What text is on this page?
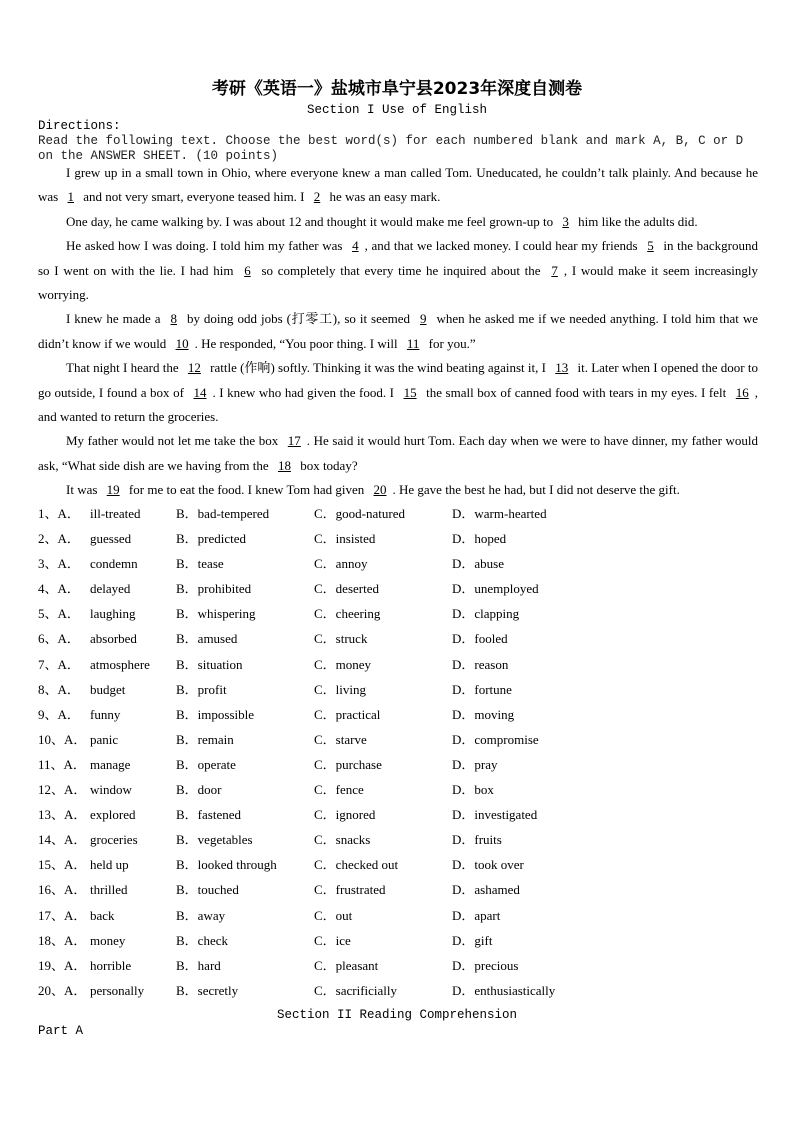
考研《英语一》盐城市阜宁县2023年深度自测卷
Section I Use of English
Directions:
Read the following text. Choose the best word(s) for each numbered blank and mark A, B, C or D on the ANSWER SHEET. (10 points)

I grew up in a small town in Ohio, where everyone knew a man called Tom. Uneducated, he couldn’t talk plainly. And because he was 1 and not very smart, everyone teased him. I 2 he was an easy mark.

One day, he came walking by. I was about 12 and thought it would make me feel grown-up to 3 him like the adults did.

He asked how I was doing. I told him my father was 4 , and that we lacked money. I could hear my friends 5 in the background so I went on with the lie. I had him 6 so completely that every time he inquired about the 7 , I would make it seem increasingly worrying.

I knew he made a 8 by doing odd jobs (打零工), so it seemed 9 when he asked me if we needed anything. I told him that we didn’t know if we would 10 . He responded, “You poor thing. I will 11 for you.”

That night I heard the 12 rattle (作响) softly. Thinking it was the wind beating against it, I 13 it. Later when I opened the door to go outside, I found a box of 14 . I knew who had given the food. I 15 the small box of canned food with tears in my eyes. I felt 16 , and wanted to return the groceries.

My father would not let me take the box 17 . He said it would hurt Tom. Each day when we were to have dinner, my father would ask, “What side dish are we having from the 18 box today?

It was 19 for me to eat the food. I knew Tom had given 20 . He gave the best he had, but I did not deserve the gift.

1、A． ill-treated	B．bad-tempered	C．good-natured	D．warm-hearted
2、A． guessed	B．predicted	C．insisted	D．hoped
3、A． condemn	B．tease	C．annoy	D．abuse
4、A． delayed	B．prohibited	C．deserted	D．unemployed
5、A． laughing	B．whispering	C．cheering	D．clapping
6、A． absorbed	B．amused	C．struck	D．fooled
7、A． atmosphere B．situation	C．money	D．reason
8、A． budget	B．profit	C．living	D．fortune
9、A． funny	B．impossible	C．practical	D．moving
10、A． panic	B．remain	C．starve	D．compromise
11、A． manage	B．operate	C．purchase	D．pray
12、A． window	B．door	C．fence	D．box
13、A． explored	B．fastened	C．ignored	D．investigated
14、A． groceries	B．vegetables	C．snacks	D．fruits
15、A． held up	B．looked through	C．checked out	D．took over
16、A． thrilled	B．touched	C．frustrated	D．ashamed
17、A． back	B．away	C．out	D．apart
18、A． money	B．check	C．ice	D．gift
19、A． horrible	B．hard	C．pleasant	D．precious
20、A． personally B．secretly	C．sacrificially	D．enthusiastically
Section II Reading Comprehension
Part A
